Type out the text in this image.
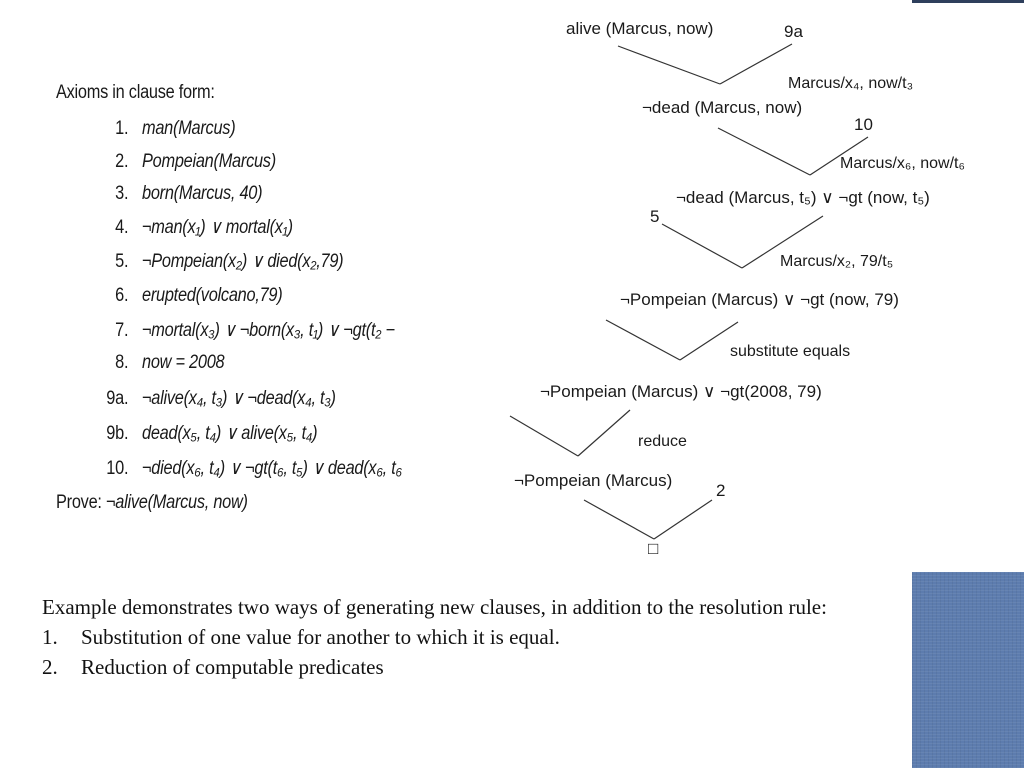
Axioms in clause form:
1. man(Marcus)
2. Pompeian(Marcus)
3. born(Marcus, 40)
4. ¬man(x₁) ∨ mortal(x₁)
5. ¬Pompeian(x₂) ∨ died(x₂,79)
6. erupted(volcano,79)
7. ¬mortal(x₃) ∨ ¬born(x₃, t₁) ∨ ¬gt(t₂ −
8. now = 2008
9a. ¬alive(x₄, t₃) ∨ ¬dead(x₄, t₃)
9b. dead(x₅, t₄) ∨ alive(x₅, t₄)
10. ¬died(x₆, t₄) ∨ ¬gt(t₆, t₅) ∨ dead(x₆, t₆
Prove: ¬alive(Marcus, now)
alive (Marcus, now)	9a
Marcus/x₄, now/t₃
¬dead (Marcus, now)
10
Marcus/x₆, now/t₆
¬dead (Marcus, t₅) ∨ ¬gt (now, t₅)
5
Marcus/x₂, 79/t₅
¬Pompeian (Marcus) ∨ ¬gt (now, 79)
substitute equals
¬Pompeian (Marcus) ∨ ¬gt(2008, 79)
reduce
¬Pompeian (Marcus)
2
□
Example demonstrates two ways of generating new clauses, in addition to the resolution rule:
1. Substitution of one value for another to which it is equal.
2. Reduction of computable predicates
